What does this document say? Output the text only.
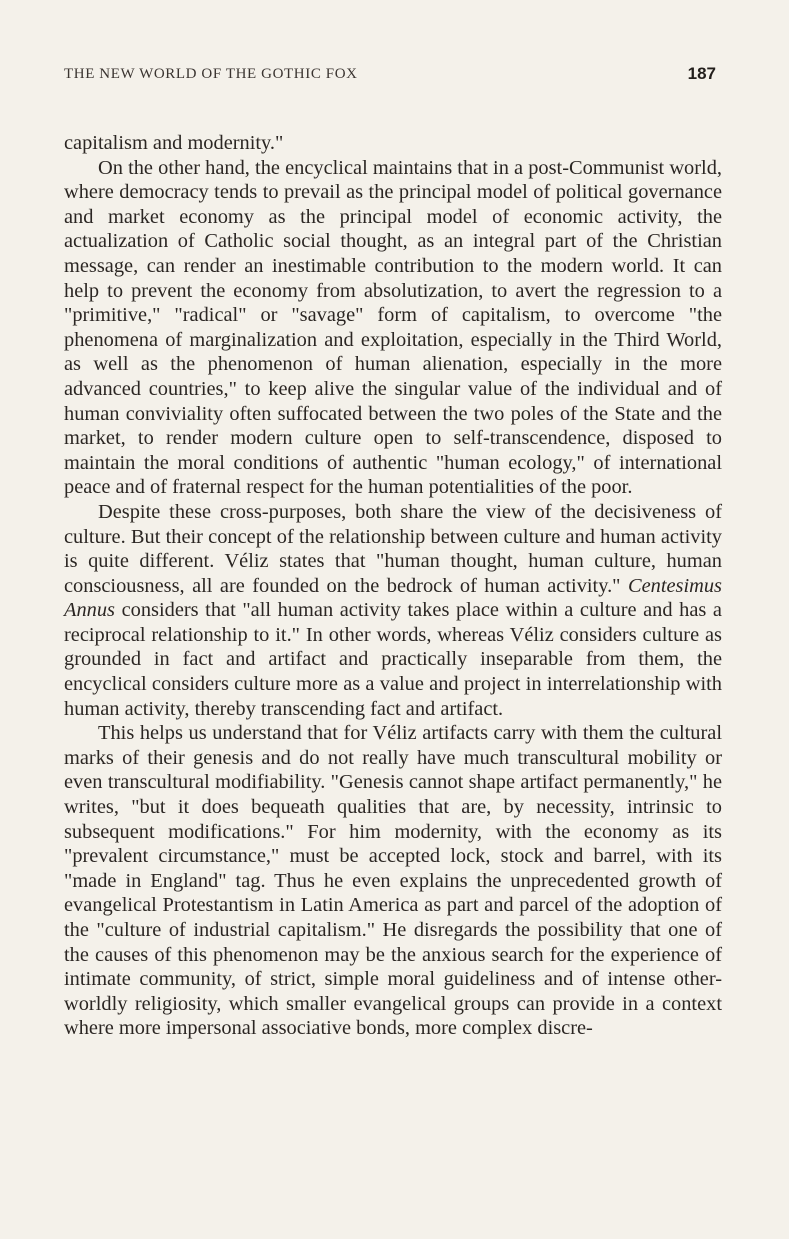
THE NEW WORLD OF THE GOTHIC FOX	187

capitalism and modernity."

On the other hand, the encyclical maintains that in a post-Communist world, where democracy tends to prevail as the principal model of political governance and market economy as the principal model of economic activity, the actualization of Catholic social thought, as an integral part of the Christian message, can render an inestimable contribution to the modern world. It can help to prevent the economy from absolutization, to avert the regression to a "primitive," "radical" or "savage" form of capitalism, to overcome "the phenomena of marginalization and exploitation, especially in the Third World, as well as the phenomenon of human alienation, especially in the more advanced countries," to keep alive the singular value of the individual and of human conviviality often suffocated between the two poles of the State and the market, to render modern culture open to self-transcendence, disposed to maintain the moral conditions of authentic "human ecology," of international peace and of fraternal respect for the human potentialities of the poor.

Despite these cross-purposes, both share the view of the decisiveness of culture. But their concept of the relationship between culture and human activity is quite different. Véliz states that "human thought, human culture, human consciousness, all are founded on the bedrock of human activity." Centesimus Annus considers that "all human activity takes place within a culture and has a reciprocal relationship to it." In other words, whereas Véliz considers culture as grounded in fact and artifact and practically inseparable from them, the encyclical considers culture more as a value and project in interrelationship with human activity, thereby transcending fact and artifact.

This helps us understand that for Véliz artifacts carry with them the cultural marks of their genesis and do not really have much transcultural mobility or even transcultural modifiability. "Genesis cannot shape artifact permanently," he writes, "but it does bequeath qualities that are, by necessity, intrinsic to subsequent modifications." For him modernity, with the economy as its "prevalent circumstance," must be accepted lock, stock and barrel, with its "made in England" tag. Thus he even explains the unprecedented growth of evangelical Protestantism in Latin America as part and parcel of the adoption of the "culture of industrial capitalism." He disregards the possibility that one of the causes of this phenomenon may be the anxious search for the experience of intimate community, of strict, simple moral guideliness and of intense other-worldly religiosity, which smaller evangelical groups can provide in a context where more impersonal associative bonds, more complex discre-
